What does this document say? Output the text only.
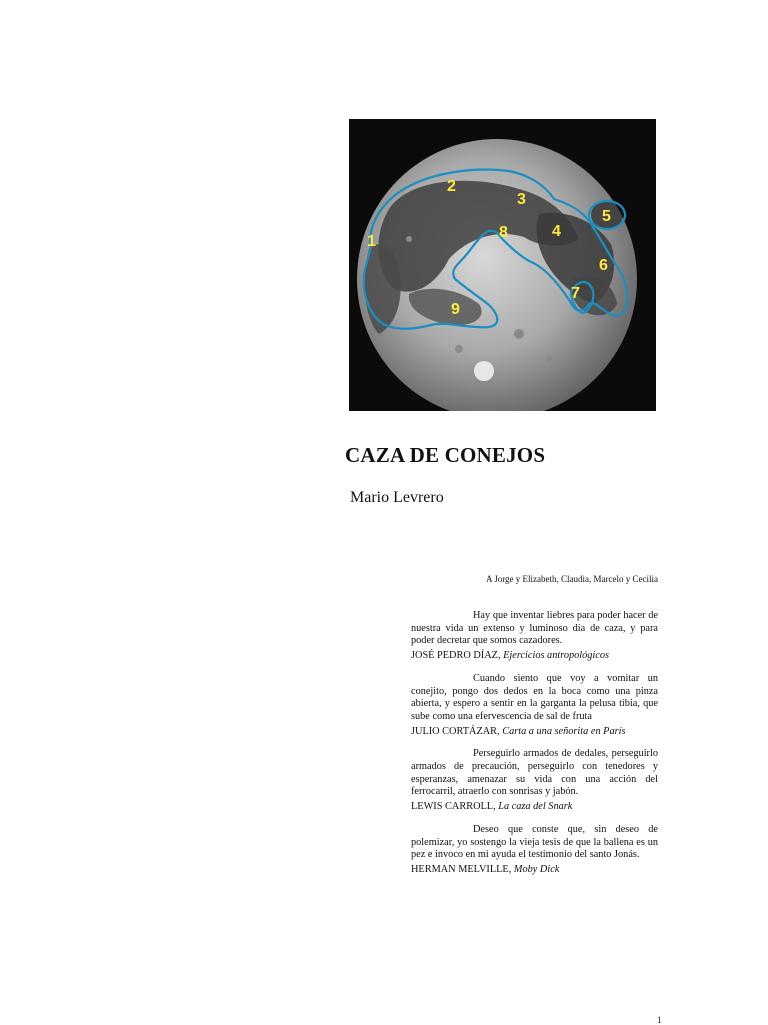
1
2
3
4
5
6
7
8
9
CAZA DE CONEJOS

Mario Levrero

A Jorge y Elizabeth, Claudia, Marcelo y Cecilia

Hay que inventar liebres para poder hacer de nuestra vida un extenso y luminoso día de caza, y para poder decretar que somos cazadores.

JOSÉ PEDRO DÍAZ, Ejercicios antropológicos

Cuando siento que voy a vomitar un conejito, pongo dos dedos en la boca como una pinza abierta, y espero a sentir en la garganta la pelusa tibia, que sube como una efervescencia de sal de fruta

JULIO CORTÁZAR, Carta a una señorita en París

Perseguirlo armados de dedales, perseguirlo armados de precaución, perseguirlo con tenedores y esperanzas, amenazar su vida con una acción del ferrocarril, atraerlo con sonrisas y jabón.

LEWIS CARROLL, La caza del Snark

Deseo que conste que, sin deseo de polemizar, yo sostengo la vieja tesis de que la ballena es un pez e invoco en mi ayuda el testimonio del santo Jonás.

HERMAN MELVILLE, Moby Dick

1
